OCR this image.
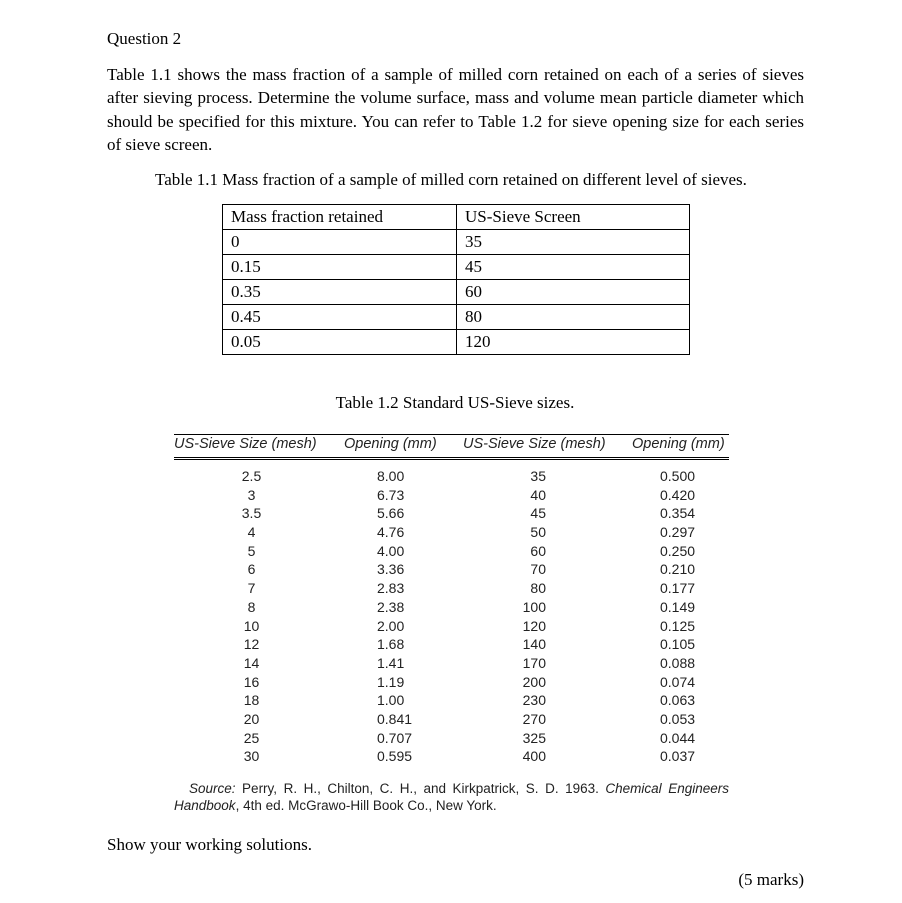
Question 2
Table 1.1 shows the mass fraction of a sample of milled corn retained on each of a series of sieves after sieving process. Determine the volume surface, mass and volume mean particle diameter which should be specified for this mixture. You can refer to Table 1.2 for sieve opening size for each series of sieve screen.
Table 1.1 Mass fraction of a sample of milled corn retained on different level of sieves.
Mass fraction retained	US-Sieve Screen
0	35
0.15	45
0.35	60
0.45	80
0.05	120
Table 1.2 Standard US-Sieve sizes.
US-Sieve Size (mesh) Opening (mm) US-Sieve Size (mesh) Opening (mm)
2.5	8.00	35	0.500
3	6.73	40	0.420
3.5	5.66	45	0.354
4	4.76	50	0.297
5	4.00	60	0.250
6	3.36	70	0.210
7	2.83	80	0.177
8	2.38	100	0.149
10	2.00	120	0.125
12	1.68	140	0.105
14	1.41	170	0.088
16	1.19	200	0.074
18	1.00	230	0.063
20	0.841	270	0.053
25	0.707	325	0.044
30	0.595	400	0.037
Source: Perry, R. H., Chilton, C. H., and Kirkpatrick, S. D. 1963. Chemical Engineers Handbook, 4th ed. McGrawo-Hill Book Co., New York.
Show your working solutions.
(5 marks)
